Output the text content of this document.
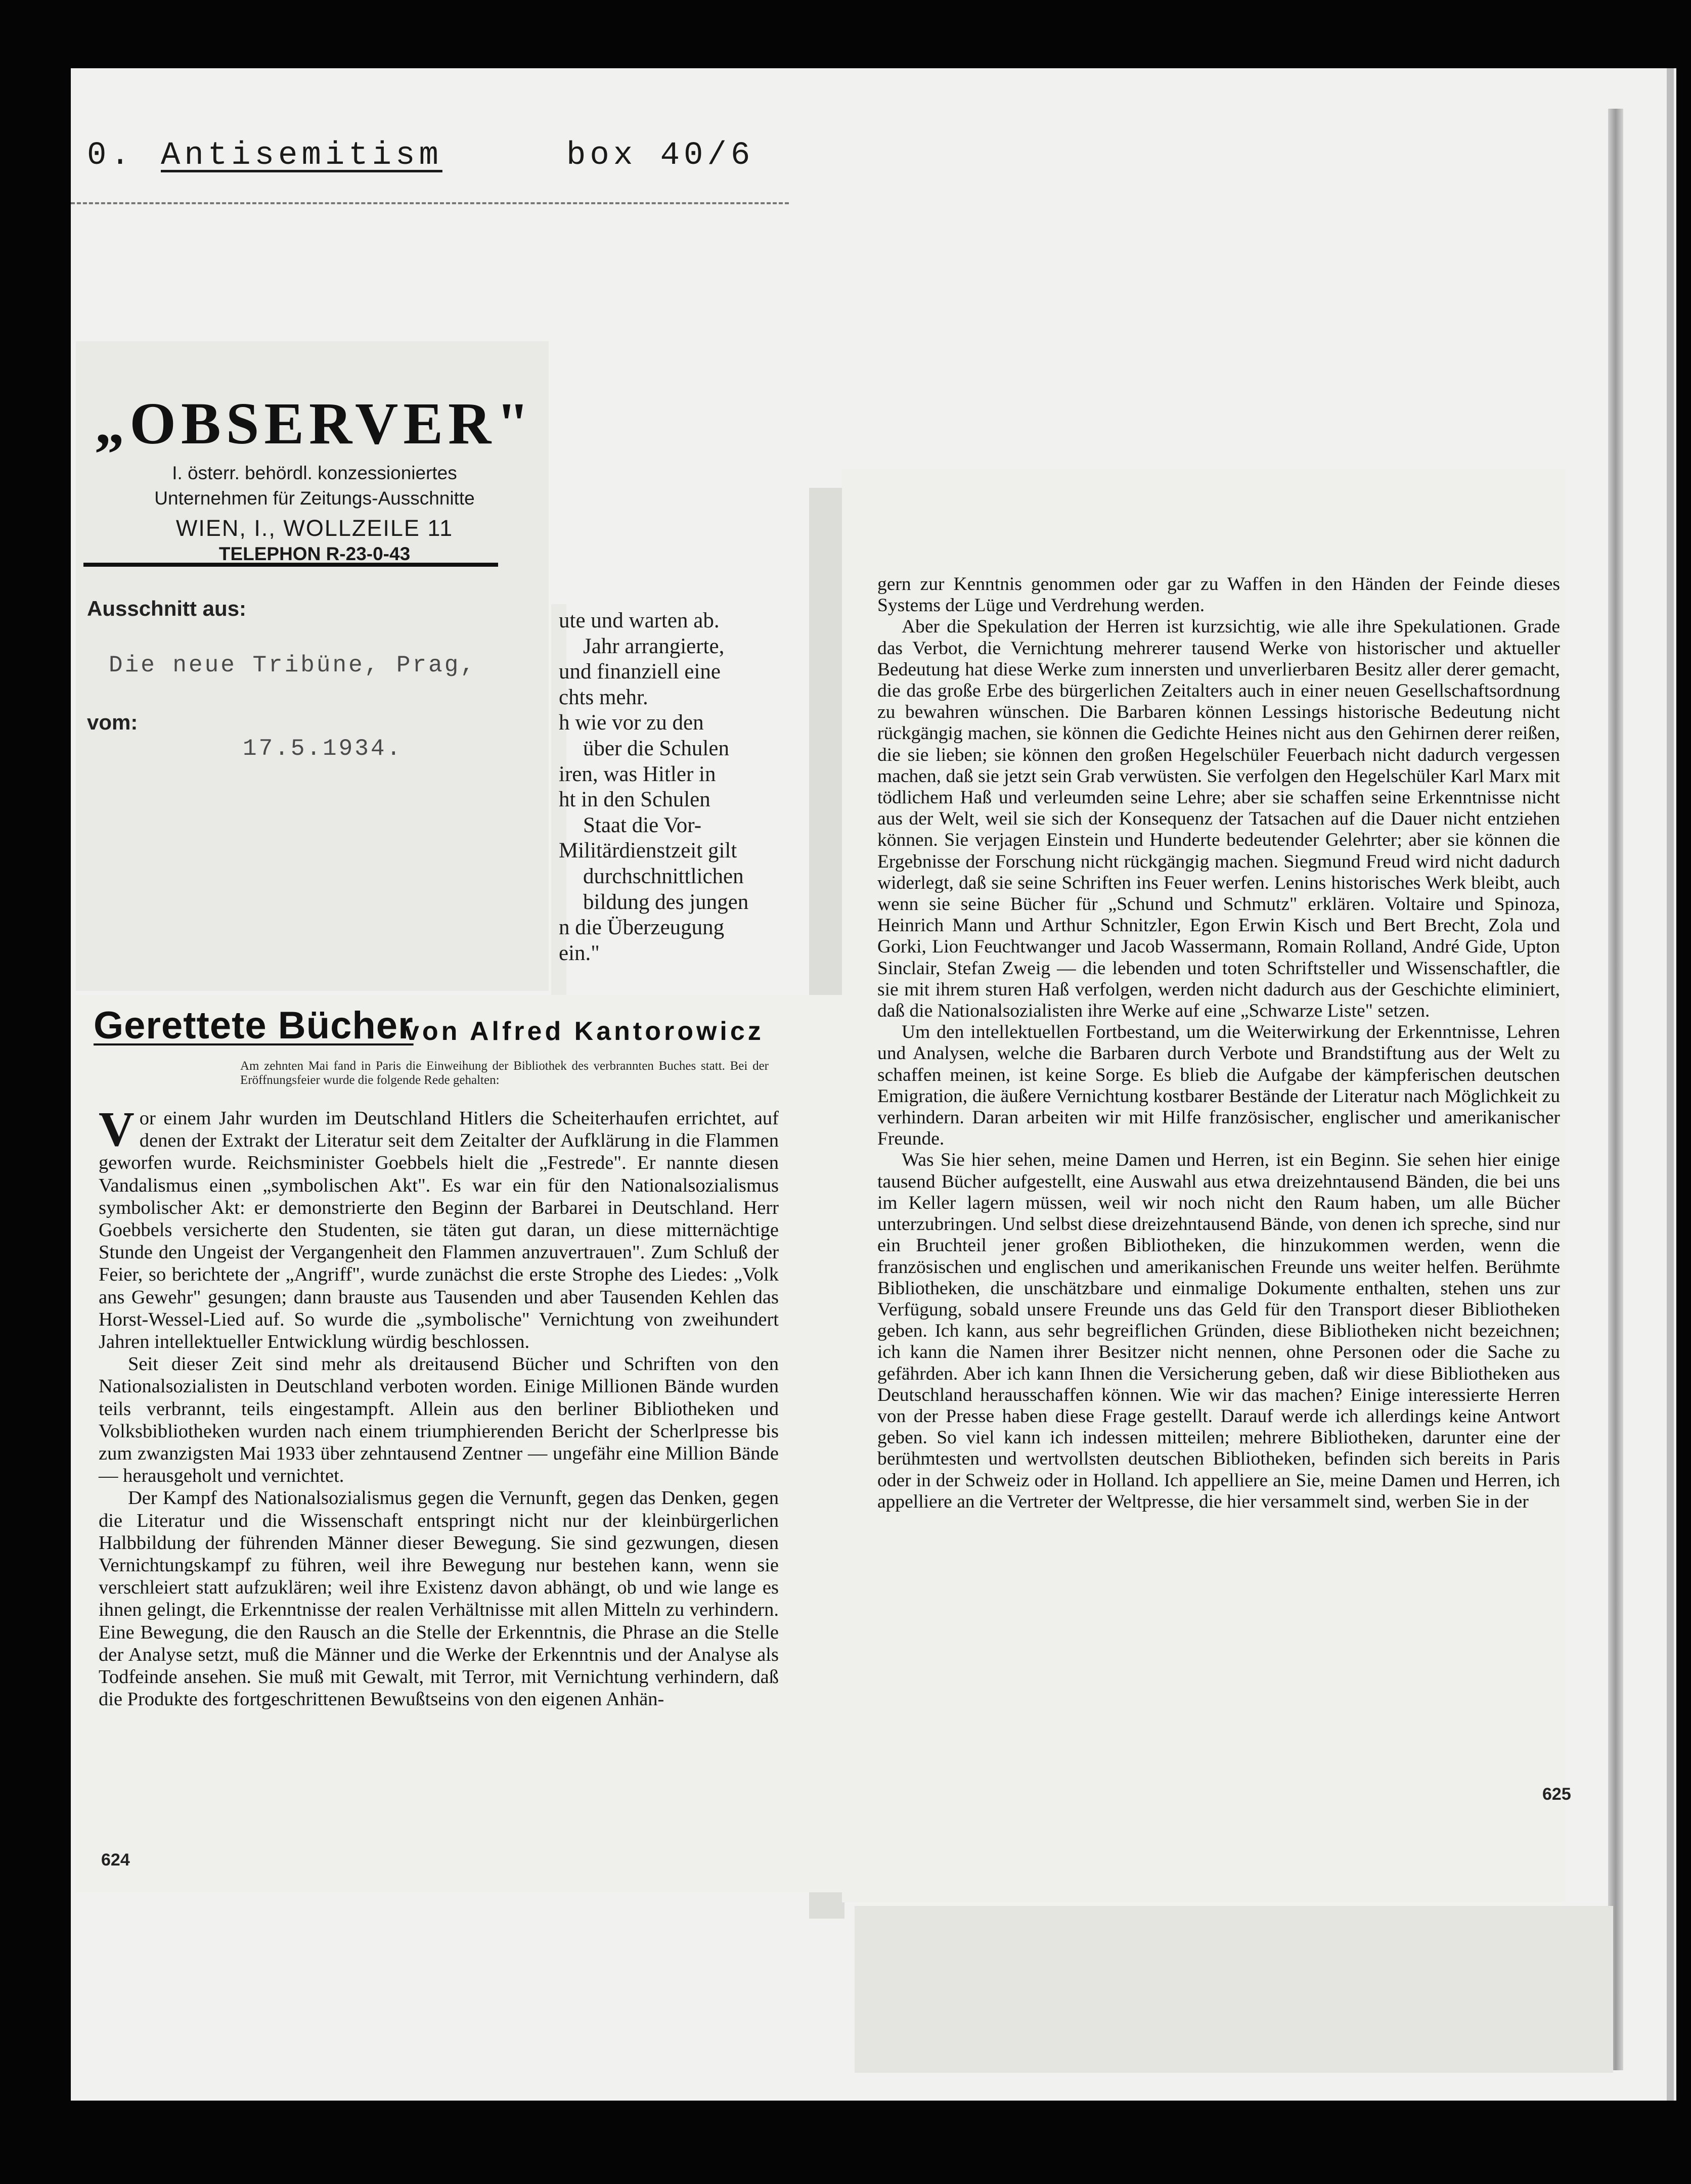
0. Antisemitism	box 40/6

gern zur Kenntnis genommen oder gar zu Waffen in den Händen der Feinde dieses Systems der Lüge und Verdrehung werden.

Aber die Spekulation der Herren ist kurzsichtig, wie alle ihre Spekulationen. Grade das Verbot, die Vernichtung mehrerer tausend Werke von historischer und aktueller Bedeutung hat diese Werke zum innersten und unverlierbaren Besitz aller derer gemacht, die das große Erbe des bürgerlichen Zeitalters auch in einer neuen Gesellschaftsordnung zu bewahren wünschen. Die Barbaren können Lessings historische Bedeutung nicht rückgängig machen, sie können die Gedichte Heines nicht aus den Gehirnen derer reißen, die sie lieben; sie können den großen Hegelschüler Feuerbach nicht dadurch vergessen machen, daß sie jetzt sein Grab verwüsten. Sie verfolgen den Hegelschüler Karl Marx mit tödlichem Haß und verleumden seine Lehre; aber sie schaffen seine Erkenntnisse nicht aus der Welt, weil sie sich der Konsequenz der Tatsachen auf die Dauer nicht entziehen können. Sie verjagen Einstein und Hunderte bedeutender Gelehrter; aber sie können die Ergebnisse der Forschung nicht rückgängig machen. Siegmund Freud wird nicht dadurch widerlegt, daß sie seine Schriften ins Feuer werfen. Lenins historisches Werk bleibt, auch wenn sie seine Bücher für „Schund und Schmutz" erklären. Voltaire und Spinoza, Heinrich Mann und Arthur Schnitzler, Egon Erwin Kisch und Bert Brecht, Zola und Gorki, Lion Feuchtwanger und Jacob Wassermann, Romain Rolland, André Gide, Upton Sinclair, Stefan Zweig — die lebenden und toten Schriftsteller und Wissenschaftler, die sie mit ihrem sturen Haß verfolgen, werden nicht dadurch aus der Geschichte eliminiert, daß die Nationalsozialisten ihre Werke auf eine „Schwarze Liste" setzen.

Um den intellektuellen Fortbestand, um die Weiterwirkung der Erkenntnisse, Lehren und Analysen, welche die Barbaren durch Verbote und Brandstiftung aus der Welt zu schaffen meinen, ist keine Sorge. Es blieb die Aufgabe der kämpferischen deutschen Emigration, die äußere Vernichtung kostbarer Bestände der Literatur nach Möglichkeit zu verhindern. Daran arbeiten wir mit Hilfe französischer, englischer und amerikanischer Freunde.

Was Sie hier sehen, meine Damen und Herren, ist ein Beginn. Sie sehen hier einige tausend Bücher aufgestellt, eine Auswahl aus etwa dreizehntausend Bänden, die bei uns im Keller lagern müssen, weil wir noch nicht den Raum haben, um alle Bücher unterzubringen. Und selbst diese dreizehntausend Bände, von denen ich spreche, sind nur ein Bruchteil jener großen Bibliotheken, die hinzukommen werden, wenn die französischen und englischen und amerikanischen Freunde uns weiter helfen. Berühmte Bibliotheken, die unschätzbare und einmalige Dokumente enthalten, stehen uns zur Verfügung, sobald unsere Freunde uns das Geld für den Transport dieser Bibliotheken geben. Ich kann, aus sehr begreiflichen Gründen, diese Bibliotheken nicht bezeichnen; ich kann die Namen ihrer Besitzer nicht nennen, ohne Personen oder die Sache zu gefährden. Aber ich kann Ihnen die Versicherung geben, daß wir diese Bibliotheken aus Deutschland herausschaffen können. Wie wir das machen? Einige interessierte Herren von der Presse haben diese Frage gestellt. Darauf werde ich allerdings keine Antwort geben. So viel kann ich indessen mitteilen; mehrere Bibliotheken, darunter eine der berühmtesten und wertvollsten deutschen Bibliotheken, befinden sich bereits in Paris oder in der Schweiz oder in Holland. Ich appelliere an Sie, meine Damen und Herren, ich appelliere an die Vertreter der Weltpresse, die hier versammelt sind, werben Sie in der

625
ute und warten ab.
Jahr arrangierte,
und finanziell eine
chts mehr.
h wie vor zu den
über die Schulen
iren, was Hitler in
ht in den Schulen
Staat die Vor-
Militärdienstzeit gilt
durchschnittlichen
bildung des jungen
n die Überzeugung
ein."
„OBSERVER"
I. österr. behördl. konzessioniertes
Unternehmen für Zeitungs-Ausschnitte
WIEN, I., WOLLZEILE 11
TELEPHON R-23-0-43
Ausschnitt aus:
Die neue Tribüne, Prag,
vom:
17.5.1934.
Gerettete Bücher
von Alfred Kantorowicz
Am zehnten Mai fand in Paris die Einweihung der Bibliothek des verbrannten Buches statt. Bei der Eröffnungsfeier wurde die folgende Rede gehalten:

Vor einem Jahr wurden im Deutschland Hitlers die Scheiterhaufen errichtet, auf denen der Extrakt der Literatur seit dem Zeitalter der Aufklärung in die Flammen geworfen wurde. Reichsminister Goebbels hielt die „Festrede". Er nannte diesen Vandalismus einen „symbolischen Akt". Es war ein für den Nationalsozialismus symbolischer Akt: er demonstrierte den Beginn der Barbarei in Deutschland. Herr Goebbels versicherte den Studenten, sie täten gut daran, un diese mitternächtige Stunde den Ungeist der Vergangenheit den Flammen anzuvertrauen". Zum Schluß der Feier, so berichtete der „Angriff", wurde zunächst die erste Strophe des Liedes: „Volk ans Gewehr" gesungen; dann brauste aus Tausenden und aber Tausenden Kehlen das Horst-Wessel-Lied auf. So wurde die „symbolische" Vernichtung von zweihundert Jahren intellektueller Entwicklung würdig beschlossen.

Seit dieser Zeit sind mehr als dreitausend Bücher und Schriften von den Nationalsozialisten in Deutschland verboten worden. Einige Millionen Bände wurden teils verbrannt, teils eingestampft. Allein aus den berliner Bibliotheken und Volksbibliotheken wurden nach einem triumphierenden Bericht der Scherlpresse bis zum zwanzigsten Mai 1933 über zehntausend Zentner — ungefähr eine Million Bände — herausgeholt und vernichtet.

Der Kampf des Nationalsozialismus gegen die Vernunft, gegen das Denken, gegen die Literatur und die Wissenschaft entspringt nicht nur der kleinbürgerlichen Halbbildung der führenden Männer dieser Bewegung. Sie sind gezwungen, diesen Vernichtungskampf zu führen, weil ihre Bewegung nur bestehen kann, wenn sie verschleiert statt aufzuklären; weil ihre Existenz davon abhängt, ob und wie lange es ihnen gelingt, die Erkenntnisse der realen Verhältnisse mit allen Mitteln zu verhindern. Eine Bewegung, die den Rausch an die Stelle der Erkenntnis, die Phrase an die Stelle der Analyse setzt, muß die Männer und die Werke der Erkenntnis und der Analyse als Todfeinde ansehen. Sie muß mit Gewalt, mit Terror, mit Vernichtung verhindern, daß die Produkte des fortgeschrittenen Bewußtseins von den eigenen Anhän-

624
